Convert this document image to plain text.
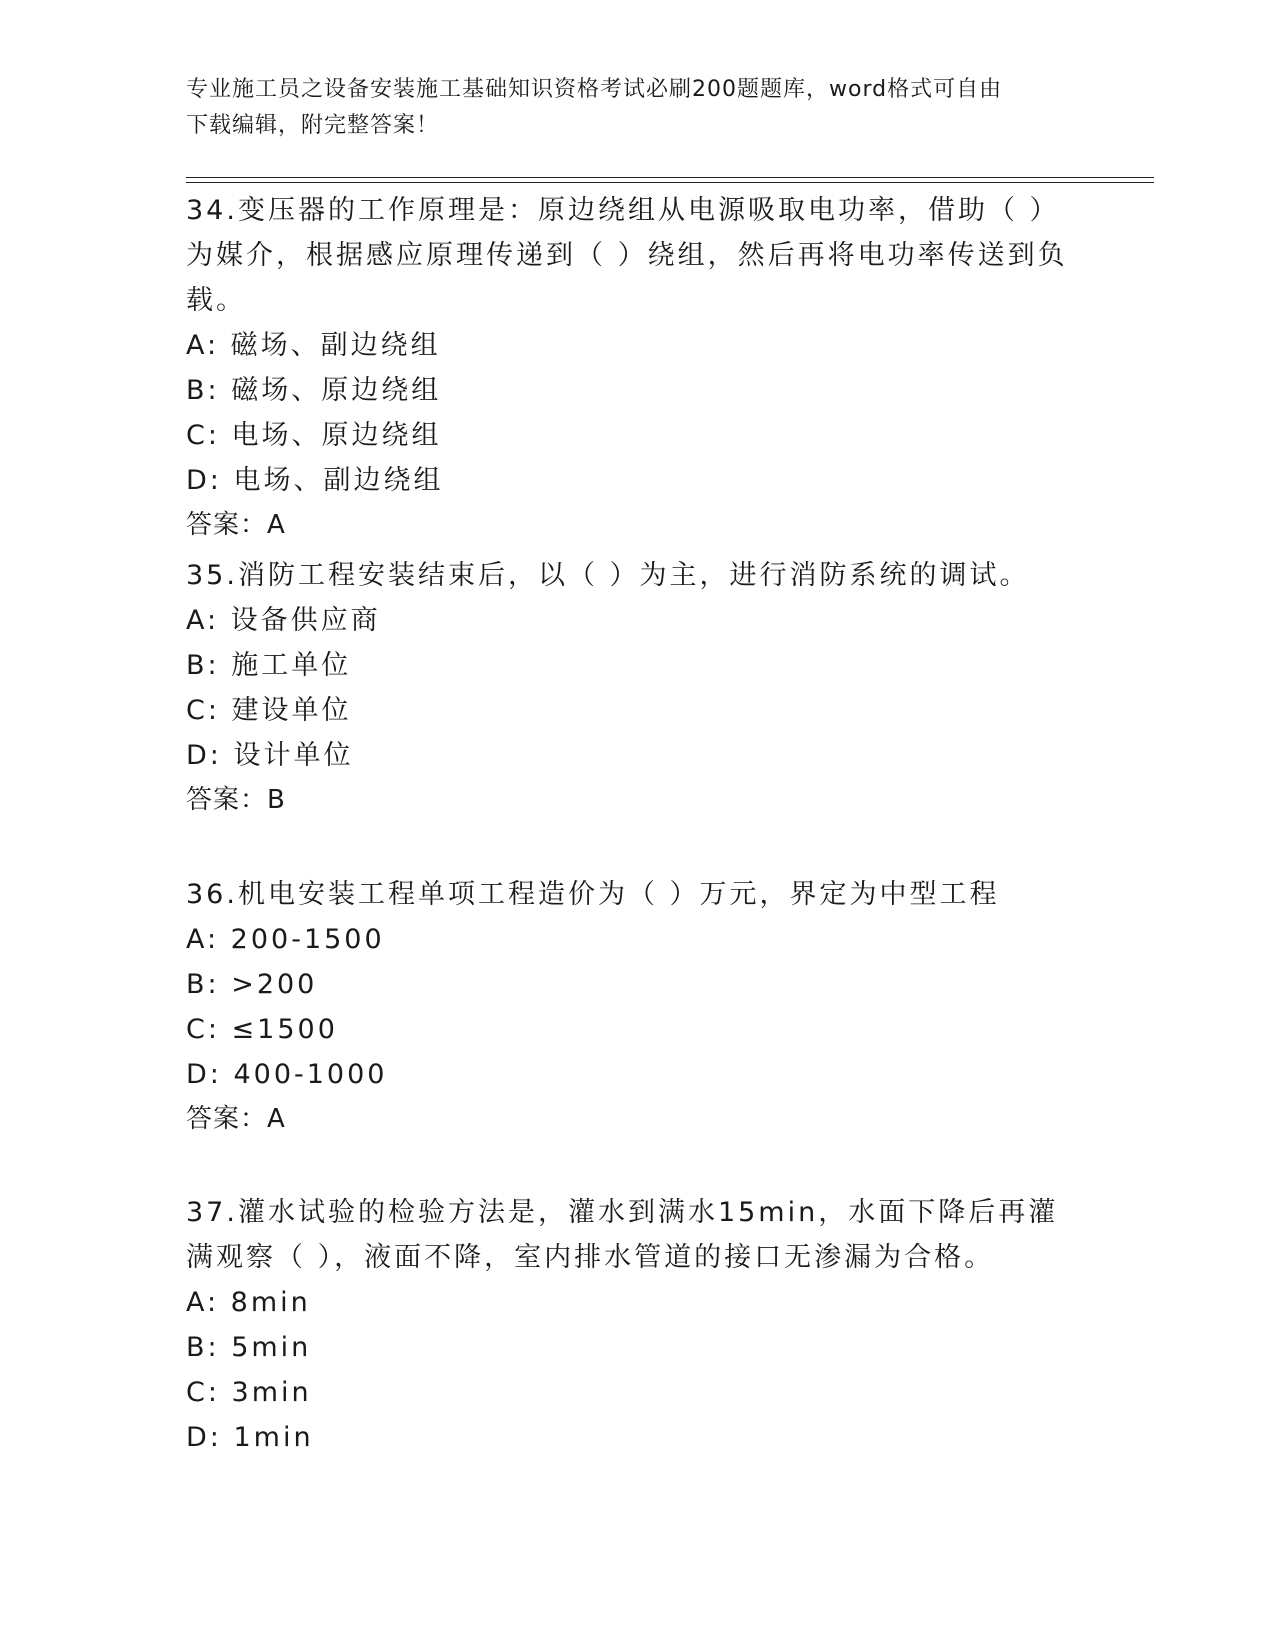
专业施工员之设备安装施工基础知识资格考试必刷200题题库，word格式可自由
下载编辑，附完整答案！
34.变压器的工作原理是：原边绕组从电源吸取电功率，借助（ ）为媒介，根据感应原理传递到（ ）绕组，然后再将电功率传送到负载。
A: 磁场、副边绕组
B: 磁场、原边绕组
C: 电场、原边绕组
D: 电场、副边绕组
答案：A
35.消防工程安装结束后，以（ ）为主，进行消防系统的调试。
A: 设备供应商
B: 施工单位
C: 建设单位
D: 设计单位
答案：B
36.机电安装工程单项工程造价为（ ）万元，界定为中型工程
A: 200-1500
B: >200
C: ≤1500
D: 400-1000
答案：A
37.灌水试验的检验方法是，灌水到满水15min，水面下降后再灌满观察（ ），液面不降，室内排水管道的接口无渗漏为合格。
A: 8min
B: 5min
C: 3min
D: 1min
